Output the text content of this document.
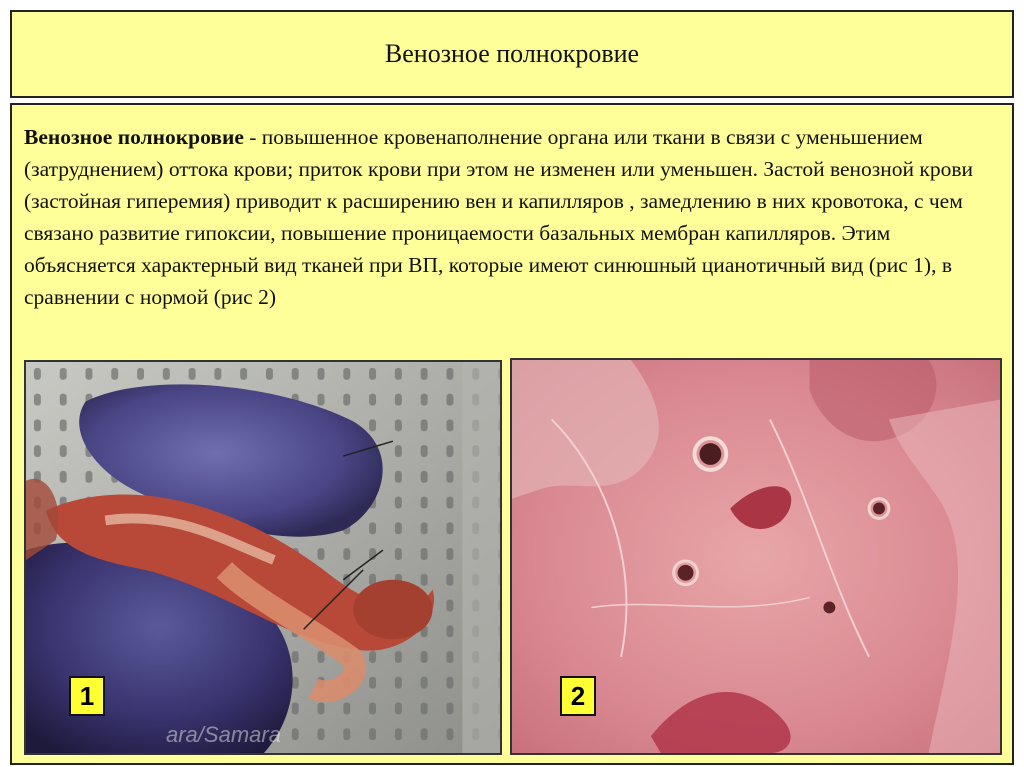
Венозное полнокровие

Венозное полнокровие - повышенное кровенаполнение органа или ткани в связи с уменьшением (затруднением) оттока крови; приток крови при этом не изменен или уменьшен. Застой венозной крови (застойная гиперемия) приводит к расширению вен и капилляров , замедлению в них кровотока, с чем связано развитие гипоксии, повышение проницаемости базальных мембран капилляров. Этим объясняется характерный вид тканей при ВП, которые имеют синюшный цианотичный вид (рис 1), в сравнении с нормой (рис 2)

ara/Samara
1	2
